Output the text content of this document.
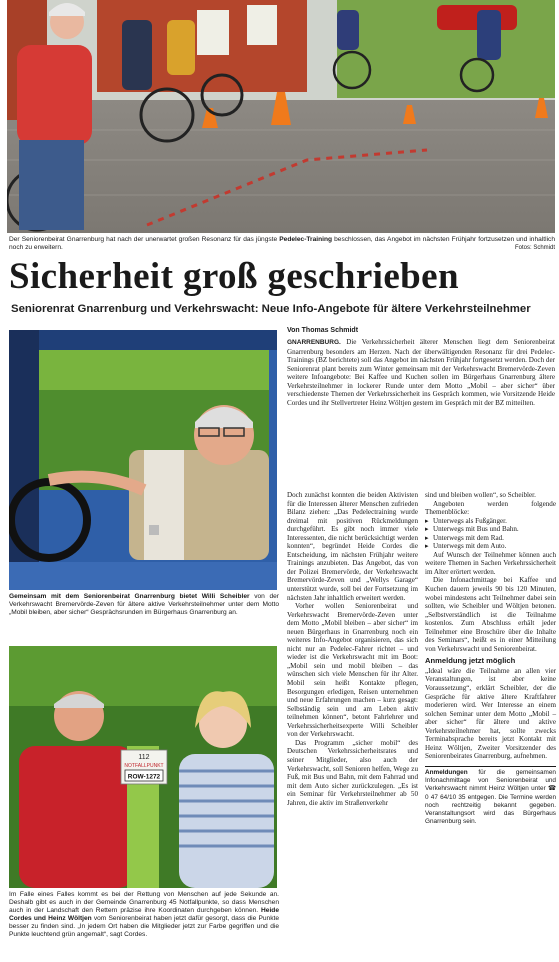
Der Seniorenbeirat Gnarrenburg hat nach der unerwartet großen Resonanz für das jüngste Pedelec-Training beschlossen, das Angebot im nächsten Frühjahr fortzusetzen und inhaltlich noch zu erweitern.	Fotos: Schmidt
Sicherheit groß geschrieben
Seniorenrat Gnarrenburg und Verkehrswacht: Neue Info-Angebote für ältere Verkehrsteilnehmer
Gemeinsam mit dem Seniorenbeirat Gnarrenburg bietet Willi Scheibler von der Verkehrswacht Bremervörde-Zeven für ältere aktive Verkehrsteilnehmer unter dem Motto „Mobil bleiben, aber sicher“ Gesprächsrunden im Bürgerhaus Gnarrenburg an.
112
NOTFALLPUNKT
ROW-1272
Im Falle eines Falles kommt es bei der Rettung von Menschen auf jede Sekunde an. Deshalb gibt es auch in der Gemeinde Gnarrenburg 45 Notfallpunkte, so dass Menschen auch in der Landschaft den Rettern präzise ihre Koordinaten durchgeben können. Heide Cordes und Heinz Wöltjen vom Seniorenbeirat haben jetzt dafür gesorgt, dass die Punkte besser zu finden sind. „In jedem Ort haben die Mitglieder jetzt zur Farbe gegriffen und die Punkte leuchtend grün angemalt“, sagt Cordes.
Von Thomas Schmidt

GNARRENBURG. Die Verkehrssicherheit älterer Menschen liegt dem Seniorenbeirat Gnarrenburg besonders am Herzen. Nach der überwältigenden Resonanz für drei Pedelec-Trainings (BZ berichtete) soll das Angebot im nächsten Frühjahr fortgesetzt werden. Doch der Seniorenrat plant bereits zum Winter gemeinsam mit der Verkehrswacht Bremervörde-Zeven weitere Infoangebote: Bei Kaffee und Kuchen sollen im Bürgerhaus Gnarrenburg ältere Verkehrsteilnehmer in lockerer Runde unter dem Motto „Mobil – aber sicher“ über verschiedenste Themen der Verkehrssicherheit ins Gespräch kommen, wie Vorsitzende Heide Cordes und ihr Stellvertreter Heinz Wöltjen gestern im Gespräch mit der BZ mitteilten.

Doch zunächst konnten die beiden Aktivisten für die Interessen älterer Menschen zufrieden Bilanz ziehen: „Das Pedelectraining wurde dreimal mit positiven Rückmeldungen durchgeführt. Es gibt noch immer viele Interessenten, die nicht berücksichtigt werden konnten“, begründet Heide Cordes die Entscheidung, im nächsten Frühjahr weitere Trainings anzubieten. Das Angebot, das von der Polizei Bremervörde, der Verkehrswacht Bremervörde-Zeven und „Wellys Garage“ unterstützt wurde, soll bei der Fortsetzung im nächsten Jahr inhaltlich erweitert werden.

Vorher wollen Seniorenbeirat und Verkehrswacht Bremervörde-Zeven unter dem Motto „Mobil bleiben – aber sicher“ im neuen Bürgerhaus in Gnarrenburg noch ein weiteres Info-Angebot organisieren, das sich nicht nur an Pedelec-Fahrer richtet – und wieder ist die Verkehrswacht mit im Boot: „Mobil sein und mobil bleiben – das wünschen sich viele Menschen für ihr Alter. Mobil sein heißt Kontakte pflegen, Besorgungen erledigen, Reisen unternehmen und neue Erfahrungen machen – kurz gesagt: Selbständig sein und am Leben aktiv teilnehmen können“, betont Fahrlehrer und Verkehrssicherheitsexperte Willi Scheibler von der Verkehrswacht.

Das Programm „sicher mobil“ des Deutschen Verkehrssicherheitsrates und seiner Mitglieder, also auch der Verkehrswacht, soll Senioren helfen, Wege zu Fuß, mit Bus und Bahn, mit dem Fahrrad und mit dem Auto sicher zurückzulegen. „Es ist ein Seminar für Verkehrsteilnehmer ab 50 Jahren, die aktiv im Straßenverkehr

sind und bleiben wollen“, so Scheibler.

Angeboten werden folgende Themenblöcke:

▸ Unterwegs als Fußgänger.
▸ Unterwegs mit Bus und Bahn.
▸ Unterwegs mit dem Rad.
▸ Unterwegs mit dem Auto.

Auf Wunsch der Teilnehmer können auch weitere Themen in Sachen Verkehrssicherheit im Alter erörtert werden.

Die Infonachmittage bei Kaffee und Kuchen dauern jeweils 90 bis 120 Minuten, wobei mindestens acht Teilnehmer dabei sein sollten, wie Scheibler und Wöltjen betonen. „Selbstverständlich ist die Teilnahme kostenlos. Zum Abschluss erhält jeder Teilnehmer eine Broschüre über die Inhalte des Seminars“, heißt es in einer Mitteilung von Verkehrswacht und Seniorenbeirat.

Anmeldung jetzt möglich

„Ideal wäre die Teilnahme an allen vier Veranstaltungen, ist aber keine Voraussetzung“, erklärt Scheibler, der die Gespräche für aktive ältere Kraftfahrer moderieren wird. Wer Interesse an einem solchen Seminar unter dem Motto „Mobil – aber sicher“ für ältere und aktive Verkehrsteilnehmer hat, sollte zwecks Terminabsprache bereits jetzt Kontakt mit Heinz Wöltjen, Zweiter Vorsitzender des Seniorenbeirates Gnarrenburg, aufnehmen.

Anmeldungen für die gemeinsamen Infonachmittage von Seniorenbeirat und Verkehrswacht nimmt Heinz Wöltjen unter ☎ 0 47 64/10 35 entgegen. Die Termine werden noch rechtzeitig bekannt gegeben. Veranstaltungsort wird das Bürgerhaus Gnarrenburg sein.
